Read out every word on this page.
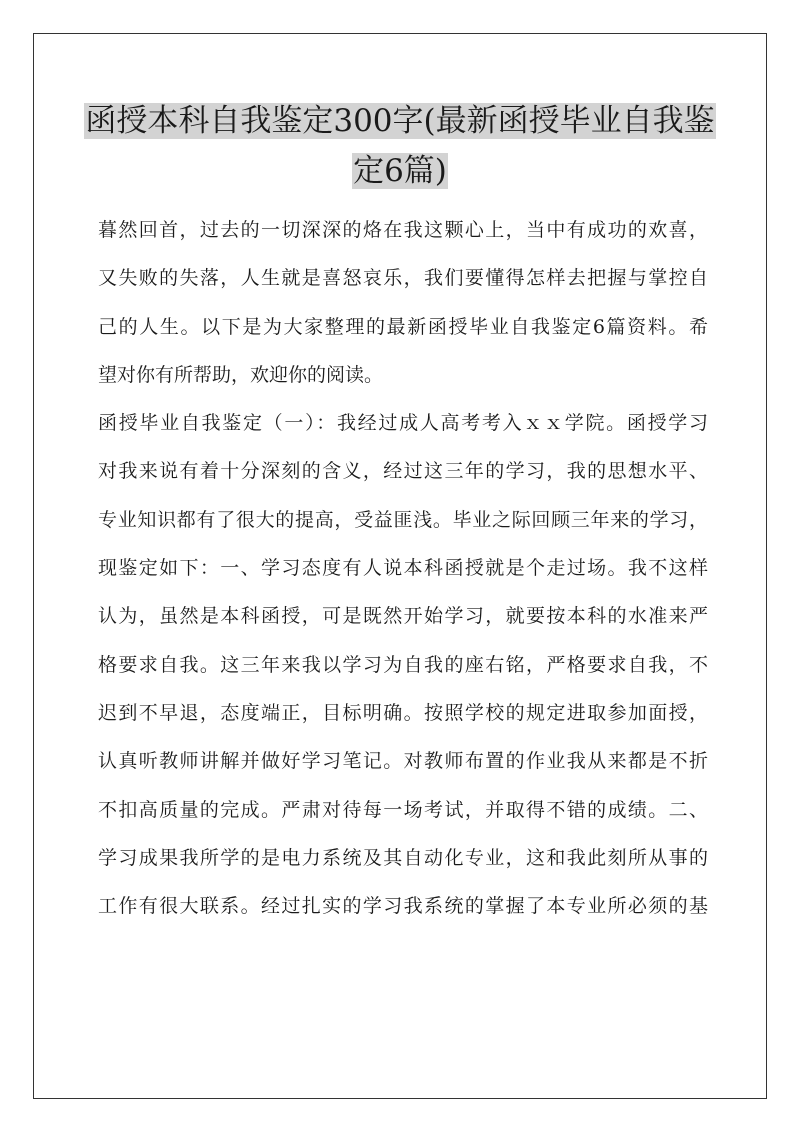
函授本科自我鉴定300字(最新函授毕业自我鉴
定6篇)
暮然回首，过去的一切深深的烙在我这颗心上，当中有成功的欢喜，
又失败的失落，人生就是喜怒哀乐，我们要懂得怎样去把握与掌控自
己的人生。以下是为大家整理的最新函授毕业自我鉴定6篇资料。希
望对你有所帮助，欢迎你的阅读。
函授毕业自我鉴定（一）：我经过成人高考考入ｘｘ学院。函授学习
对我来说有着十分深刻的含义，经过这三年的学习，我的思想水平、
专业知识都有了很大的提高，受益匪浅。毕业之际回顾三年来的学习，
现鉴定如下：一、学习态度有人说本科函授就是个走过场。我不这样
认为，虽然是本科函授，可是既然开始学习，就要按本科的水准来严
格要求自我。这三年来我以学习为自我的座右铭，严格要求自我，不
迟到不早退，态度端正，目标明确。按照学校的规定进取参加面授，
认真听教师讲解并做好学习笔记。对教师布置的作业我从来都是不折
不扣高质量的完成。严肃对待每一场考试，并取得不错的成绩。二、
学习成果我所学的是电力系统及其自动化专业，这和我此刻所从事的
工作有很大联系。经过扎实的学习我系统的掌握了本专业所必须的基
